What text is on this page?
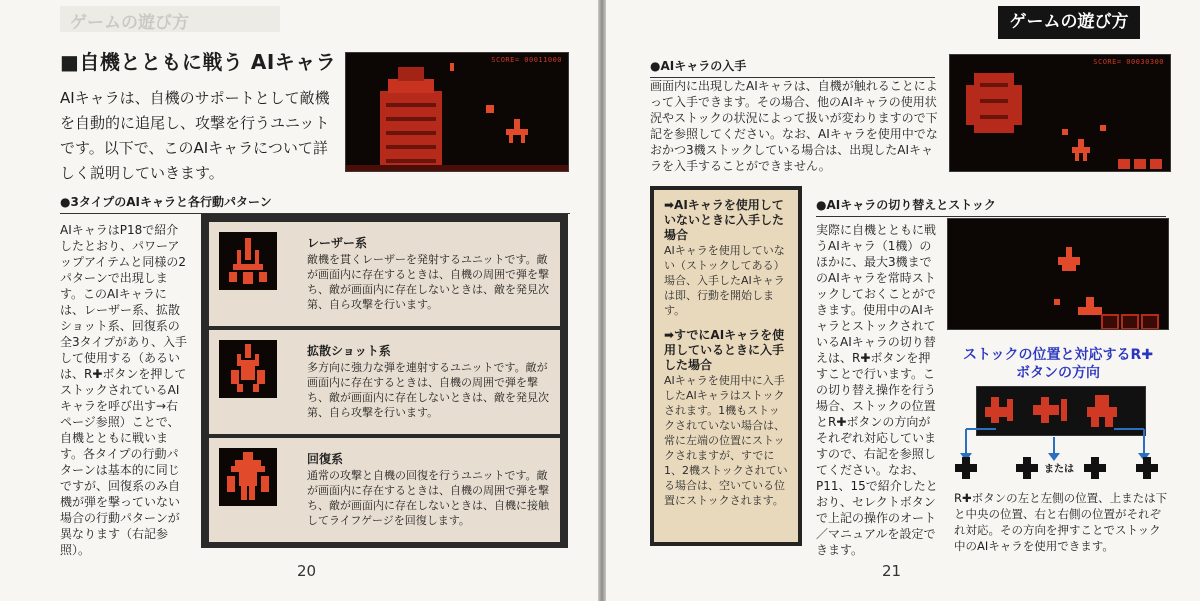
ゲームの遊び方
■自機とともに戦う AIキャラ
AIキャラは、自機のサポートとして敵機を自動的に追尾し、攻撃を行うユニットです。以下で、このAIキャラについて詳しく説明していきます。
SCORE= 00011000
●3タイプのAIキャラと各行動パターン
AIキャラはP18で紹介したとおり、パワーアップアイテムと同様の2パターンで出現します。このAIキャラには、レーザー系、拡散ショット系、回復系の全3タイプがあり、入手して使用する（あるいは、R✚ボタンを押してストックされているAIキャラを呼び出す→右ページ参照）ことで、自機とともに戦います。各タイプの行動パターンは基本的に同じですが、回復系のみ自機が弾を撃っていない場合の行動パターンが異なります（右記参照）。
レーザー系
敵機を貫くレーザーを発射するユニットです。敵が画面内に存在するときは、自機の周囲で弾を撃ち、敵が画面内に存在しないときは、敵を発見次第、自ら攻撃を行います。
拡散ショット系
多方向に強力な弾を連射するユニットです。敵が画面内に存在するときは、自機の周囲で弾を撃ち、敵が画面内に存在しないときは、敵を発見次第、自ら攻撃を行います。
回復系
通常の攻撃と自機の回復を行うユニットです。敵が画面内に存在するときは、自機の周囲で弾を撃ち、敵が画面内に存在しないときは、自機に接触してライフゲージを回復します。
20
ゲームの遊び方
●AIキャラの入手
画面内に出現したAIキャラは、自機が触れることによって入手できます。その場合、他のAIキャラの使用状況やストックの状況によって扱いが変わりますので下記を参照してください。なお、AIキャラを使用中でなおかつ3機ストックしている場合は、出現したAIキャラを入手することができません。
SCORE= 00030300
➡AIキャラを使用していないときに入手した場合
AIキャラを使用していない（ストックしてある）場合、入手したAIキャラは即、行動を開始します。
➡すでにAIキャラを使用しているときに入手した場合
AIキャラを使用中に入手したAIキャラはストックされます。1機もストックされていない場合は、常に左端の位置にストックされますが、すでに1、2機ストックされている場合は、空いている位置にストックされます。
●AIキャラの切り替えとストック
実際に自機とともに戦うAIキャラ（1機）のほかに、最大3機までのAIキャラを常時ストックしておくことができます。使用中のAIキャラとストックされているAIキャラの切り替えは、R✚ボタンを押すことで行います。この切り替え操作を行う場合、ストックの位置とR✚ボタンの方向がそれぞれ対応していますので、右記を参照してください。なお、P11、15で紹介したとおり、セレクトボタンで上記の操作のオート／マニュアルを設定できます。
ストックの位置と対応するR✚ボタンの方向
または
R✚ボタンの左と左側の位置、上または下と中央の位置、右と右側の位置がそれぞれ対応。その方向を押すことでストック中のAIキャラを使用できます。
21
